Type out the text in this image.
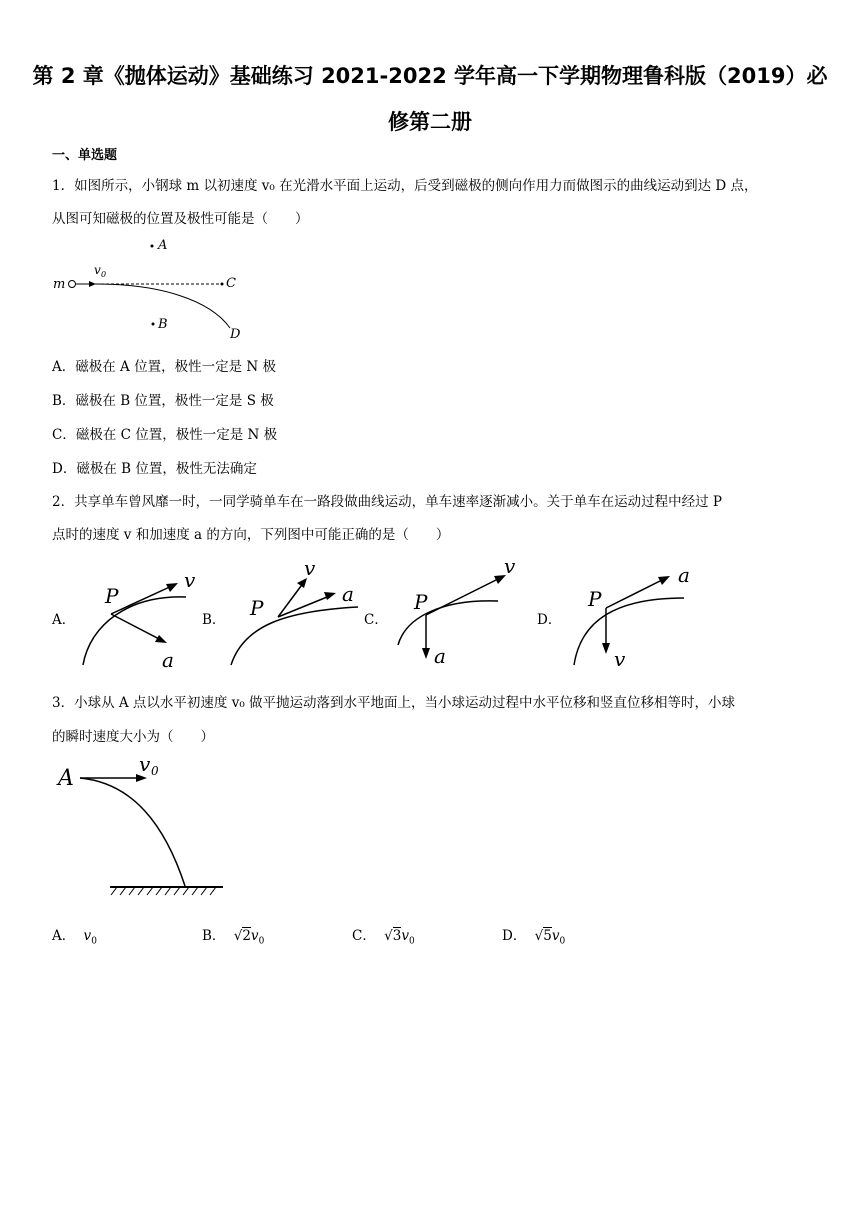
第 2 章《抛体运动》基础练习 2021-2022 学年高一下学期物理鲁科版（2019）必
修第二册
一、单选题
1．如图所示，小钢球 m 以初速度 v₀ 在光滑水平面上运动，后受到磁极的侧向作用力而做图示的曲线运动到达 D 点，
从图可知磁极的位置及极性可能是（　　）
A
m
v 0
C
D
B
A．磁极在 A 位置，极性一定是 N 极
B．磁极在 B 位置，极性一定是 S 极
C．磁极在 C 位置，极性一定是 N 极
D．磁极在 B 位置，极性无法确定
2．共享单车曾风靡一时，一同学骑单车在一路段做曲线运动，单车速率逐渐减小。关于单车在运动过程中经过 P
点时的速度 v 和加速度 a 的方向，下列图中可能正确的是（　　）
A．
P
v
a
B． P
v
a
C．
P
v
a
D．
P
a
v
3．小球从 A 点以水平初速度 v₀ 做平抛运动落到水平地面上，当小球运动过程中水平位移和竖直位移相等时，小球
的瞬时速度大小为（　　）
A
v 0
A． $v_0$	B． $√2v_0$	C． $√3v_0$	D． $√5v_0$
